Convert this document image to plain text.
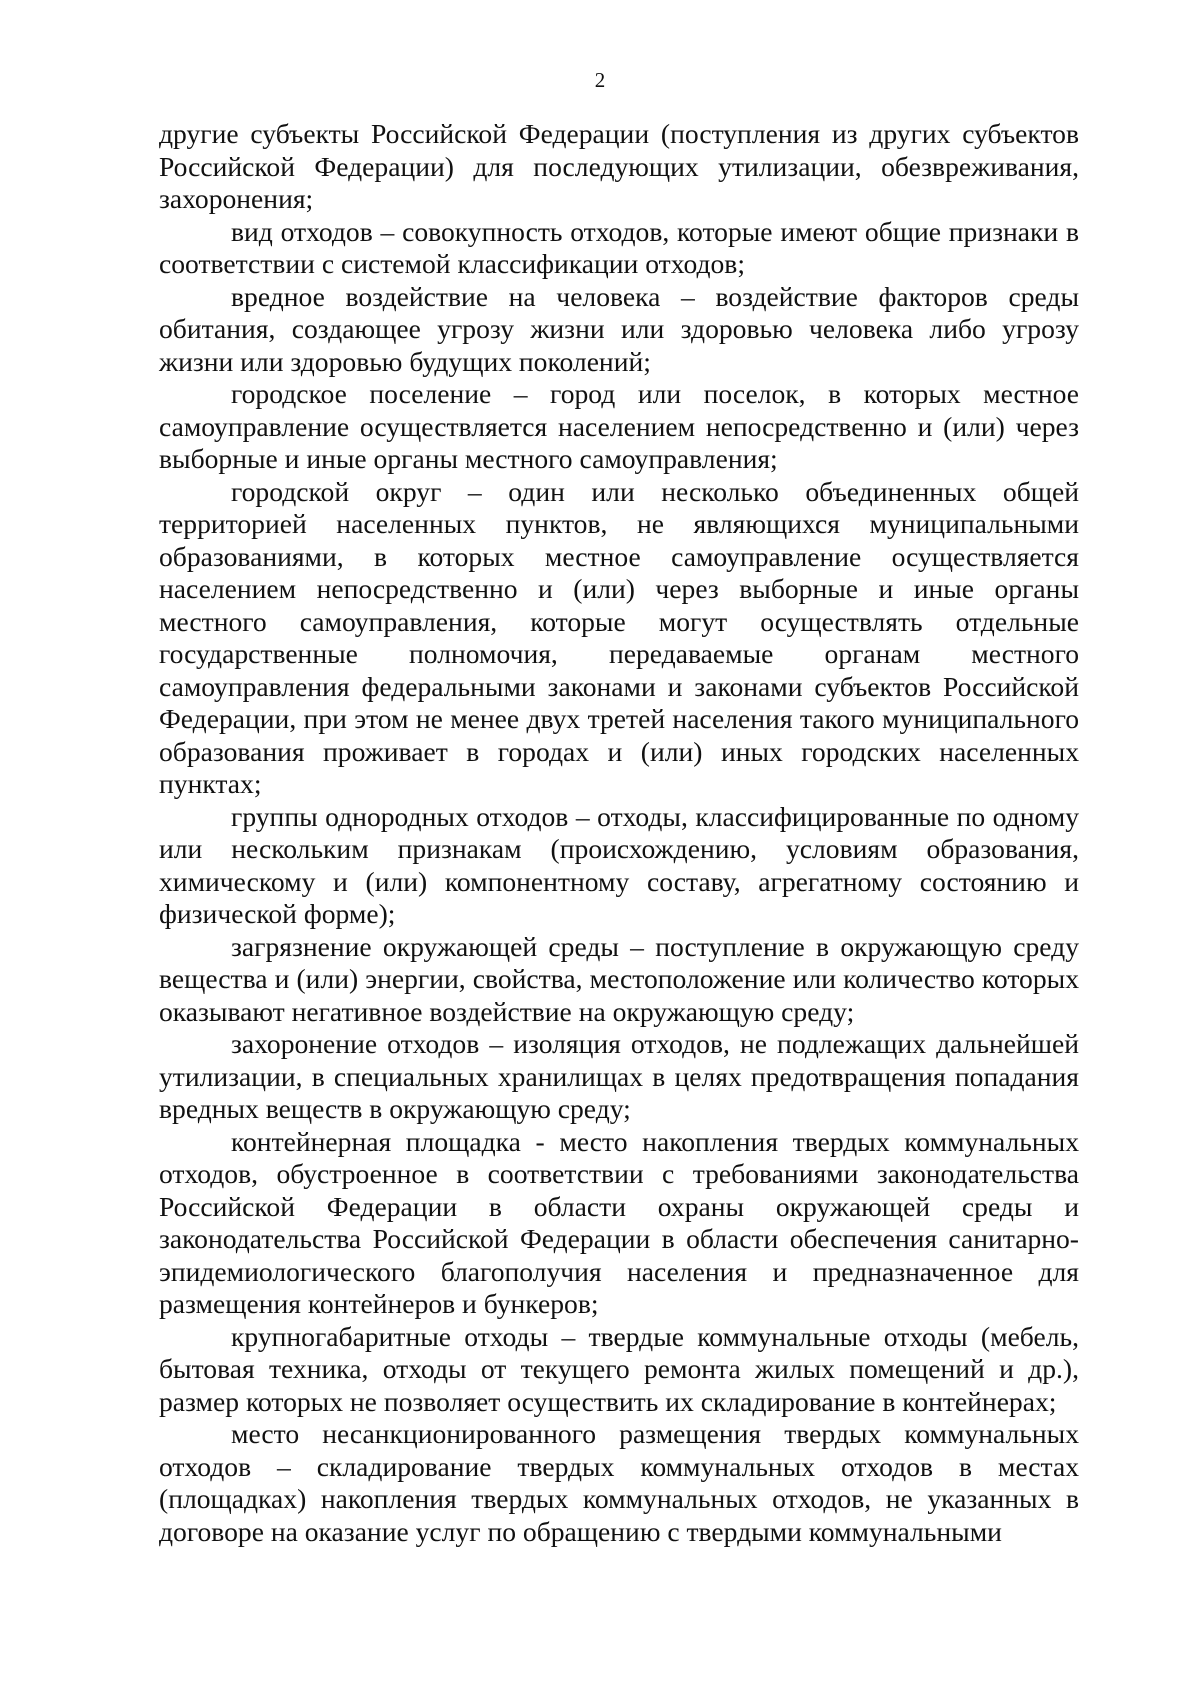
2

другие субъекты Российской Федерации (поступления из других субъектов Российской Федерации) для последующих утилизации, обезвреживания, захоронения;

вид отходов – совокупность отходов, которые имеют общие признаки в соответствии с системой классификации отходов;

вредное воздействие на человека – воздействие факторов среды обитания, создающее угрозу жизни или здоровью человека либо угрозу жизни или здоровью будущих поколений;

городское поселение – город или поселок, в которых местное самоуправление осуществляется населением непосредственно и (или) через выборные и иные органы местного самоуправления;

городской округ – один или несколько объединенных общей территорией населенных пунктов, не являющихся муниципальными образованиями, в которых местное самоуправление осуществляется населением непосредственно и (или) через выборные и иные органы местного самоуправления, которые могут осуществлять отдельные государственные полномочия, передаваемые органам местного самоуправления федеральными законами и законами субъектов Российской Федерации, при этом не менее двух третей населения такого муниципального образования проживает в городах и (или) иных городских населенных пунктах;

группы однородных отходов – отходы, классифицированные по одному или нескольким признакам (происхождению, условиям образования, химическому и (или) компонентному составу, агрегатному состоянию и физической форме);

загрязнение окружающей среды – поступление в окружающую среду вещества и (или) энергии, свойства, местоположение или количество которых оказывают негативное воздействие на окружающую среду;

захоронение отходов – изоляция отходов, не подлежащих дальнейшей утилизации, в специальных хранилищах в целях предотвращения попадания вредных веществ в окружающую среду;

контейнерная площадка - место накопления твердых коммунальных отходов, обустроенное в соответствии с требованиями законодательства Российской Федерации в области охраны окружающей среды и законодательства Российской Федерации в области обеспечения санитарно-эпидемиологического благополучия населения и предназначенное для размещения контейнеров и бункеров;

крупногабаритные отходы – твердые коммунальные отходы (мебель, бытовая техника, отходы от текущего ремонта жилых помещений и др.), размер которых не позволяет осуществить их складирование в контейнерах;

место несанкционированного размещения твердых коммунальных отходов – складирование твердых коммунальных отходов в местах (площадках) накопления твердых коммунальных отходов, не указанных в договоре на оказание услуг по обращению с твердыми коммунальными
